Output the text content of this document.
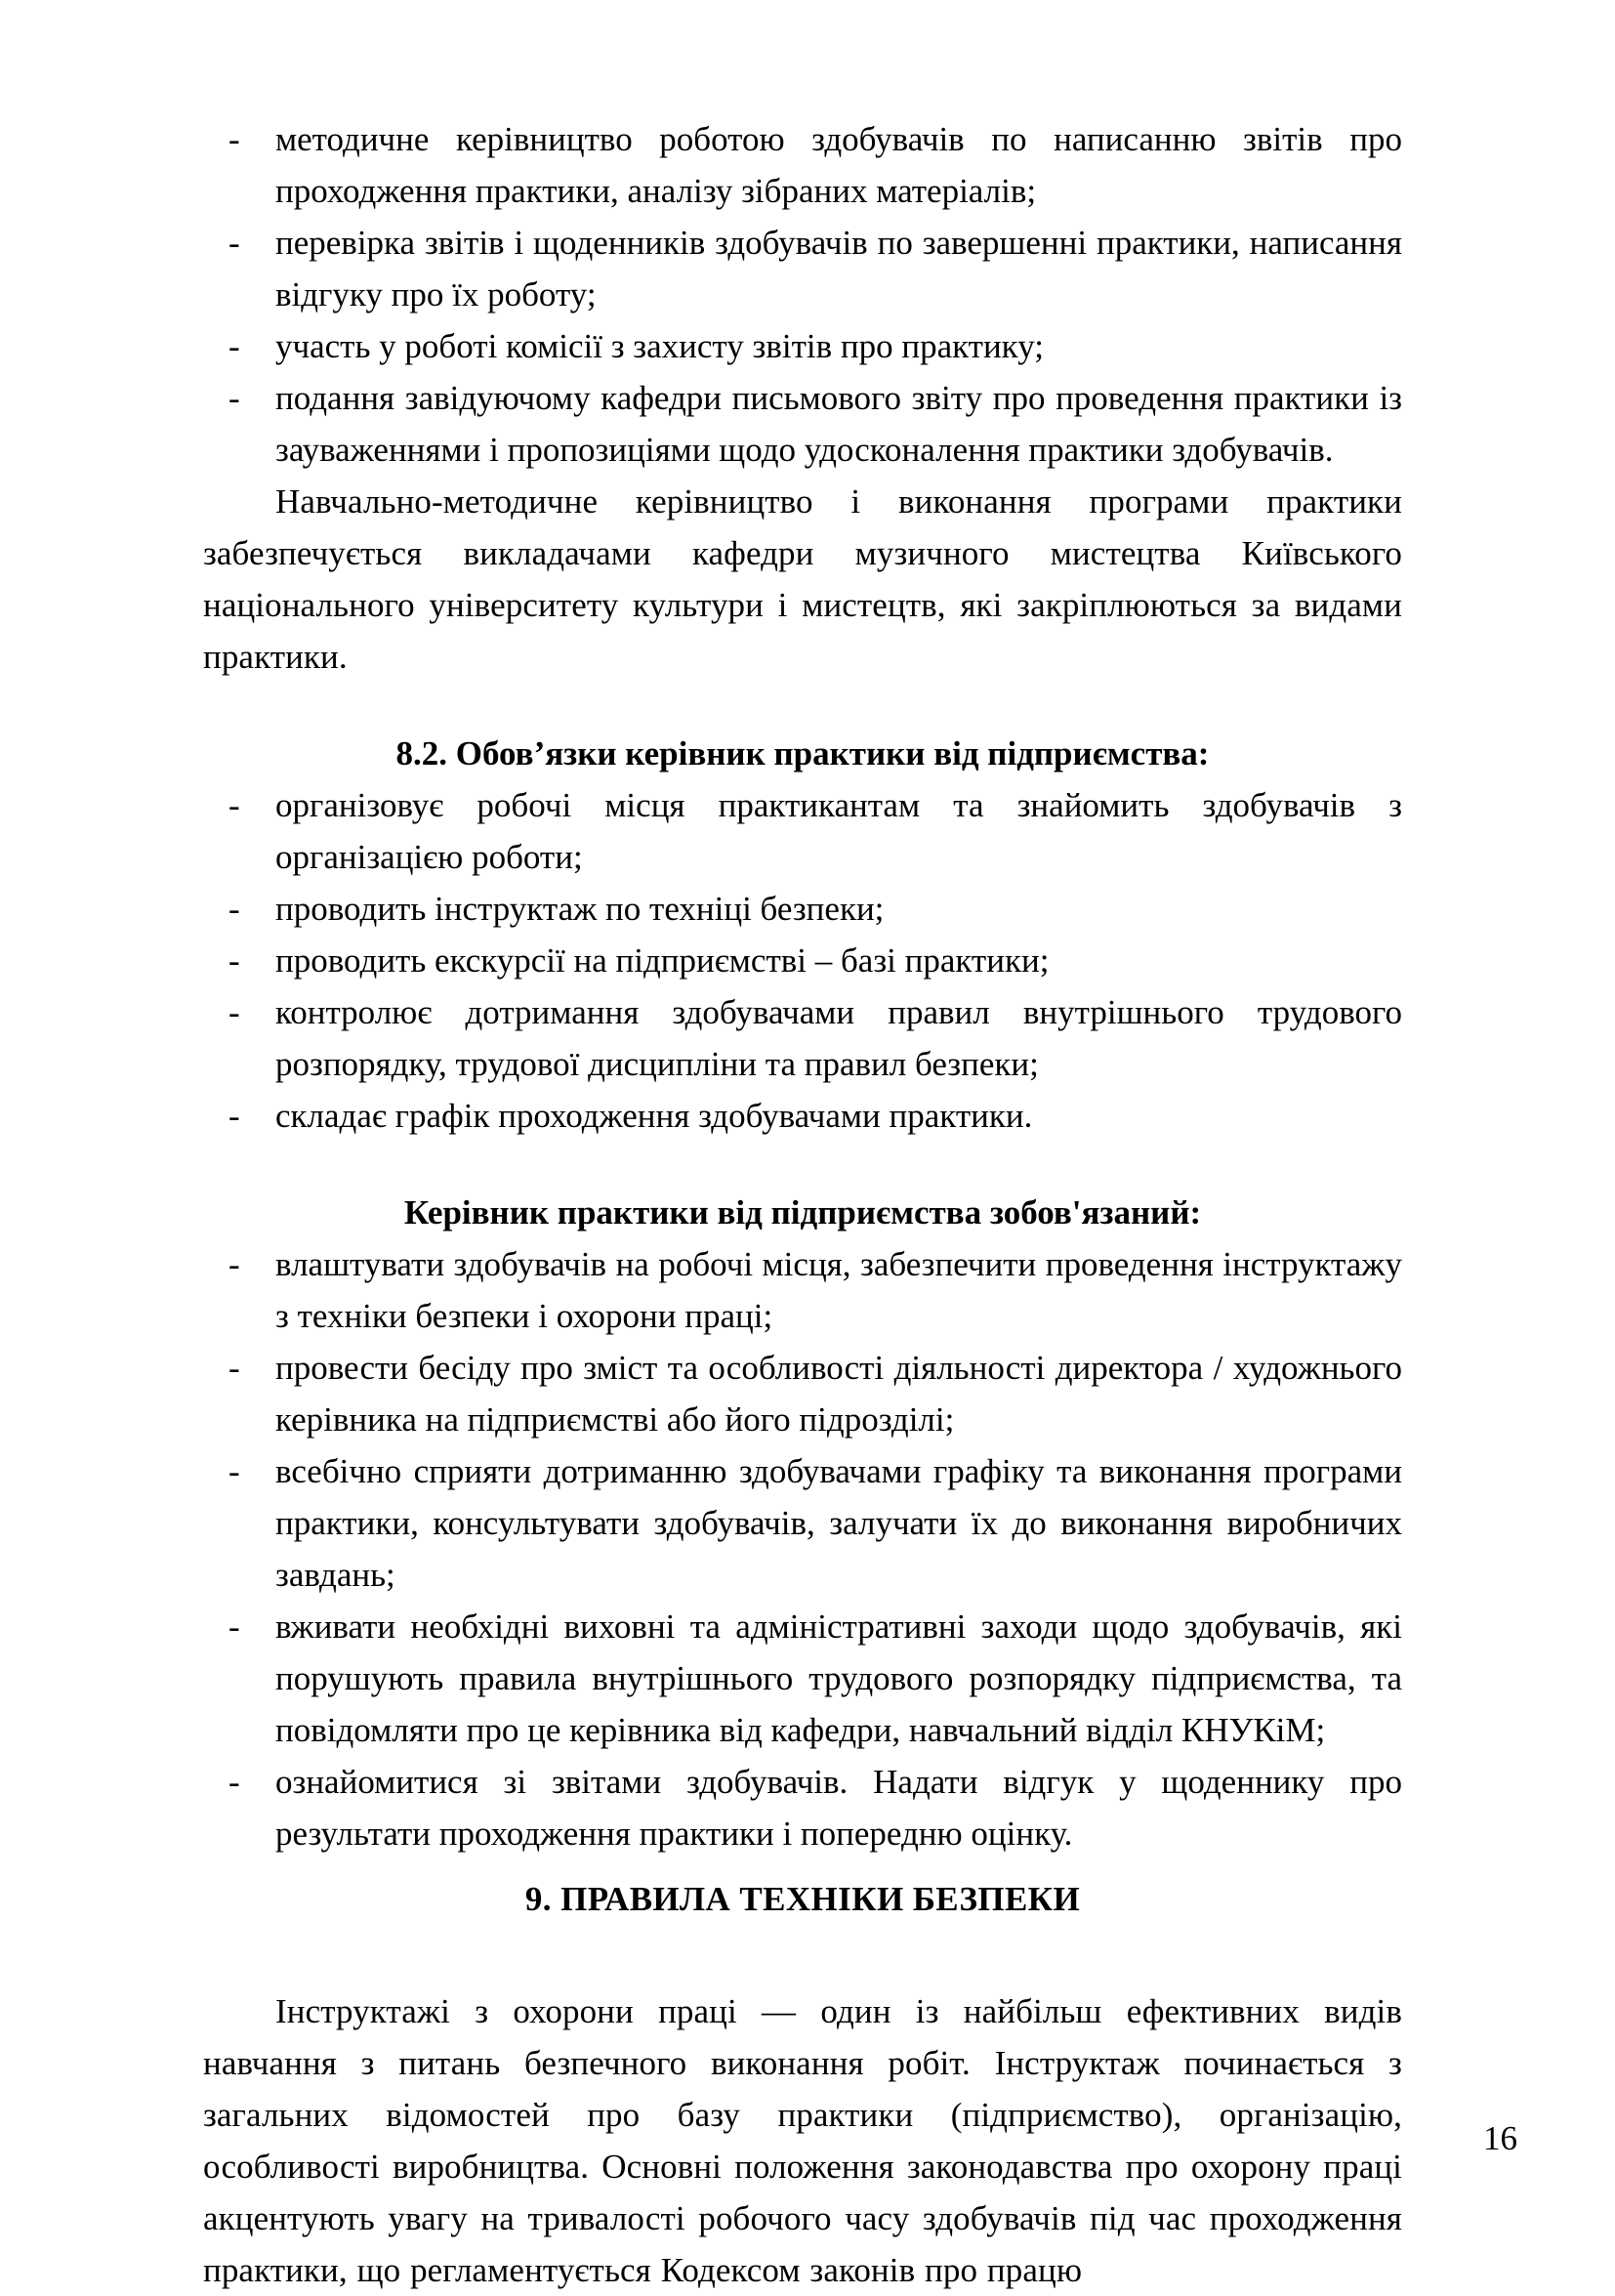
- методичне керівництво роботою здобувачів по написанню звітів про проходження практики, аналізу зібраних матеріалів;
- перевірка звітів і щоденників здобувачів по завершенні практики, написання відгуку про їх роботу;
- участь у роботі комісії з захисту звітів про практику;
- подання завідуючому кафедри письмового звіту про проведення практики із зауваженнями і пропозиціями щодо удосконалення практики здобувачів.

Навчально-методичне керівництво і виконання програми практики забезпечується викладачами кафедри музичного мистецтва Київського національного університету культури і мистецтв, які закріплюються за видами практики.

8.2. Обов’язки керівник практики від підприємства:

- організовує робочі місця практикантам та знайомить здобувачів з організацією роботи;
- проводить інструктаж по техніці безпеки;
- проводить екскурсії на підприємстві – базі практики;
- контролює дотримання здобувачами правил внутрішнього трудового розпорядку, трудової дисципліни та правил безпеки;
- складає графік проходження здобувачами практики.

Керівник практики від підприємства зобов'язаний:

- влаштувати здобувачів на робочі місця, забезпечити проведення інструктажу з техніки безпеки і охорони праці;
- провести бесіду про зміст та особливості діяльності директора / художнього керівника на підприємстві або його підрозділі;
- всебічно сприяти дотриманню здобувачами графіку та виконання програми практики, консультувати здобувачів, залучати їх до виконання виробничих завдань;
- вживати необхідні виховні та адміністративні заходи щодо здобувачів, які порушують правила внутрішнього трудового розпорядку підприємства, та повідомляти про це керівника від кафедри, навчальний відділ КНУКіМ;
- ознайомитися зі звітами здобувачів. Надати відгук у щоденнику про результати проходження практики і попередню оцінку.

9. ПРАВИЛА ТЕХНІКИ БЕЗПЕКИ

Інструктажі з охорони праці — один із найбільш ефективних видів навчання з питань безпечного виконання робіт. Інструктаж починається з загальних відомостей про базу практики (підприємство), організацію, особливості виробництва. Основні положення законодавства про охорону праці акцентують увагу на тривалості робочого часу здобувачів під час проходження практики, що регламентується Кодексом законів про працю

16
